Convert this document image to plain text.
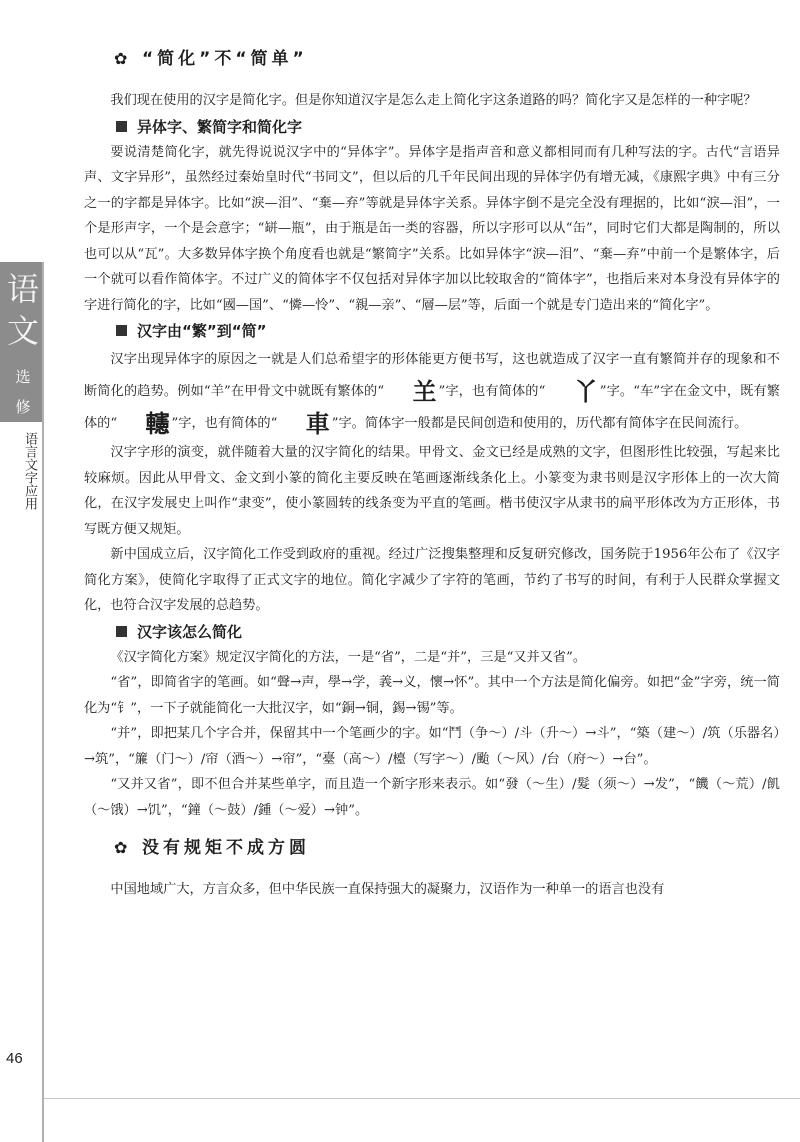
语
文
选
修
语言文字应用
46
✿ “简化”不“简单”

我们现在使用的汉字是简化字。但是你知道汉字是怎么走上简化字这条道路的吗？简化字又是怎样的一种字呢？

异体字、繁简字和简化字

要说清楚简化字，就先得说说汉字中的“异体字”。异体字是指声音和意义都相同而有几种写法的字。古代“言语异声、文字异形”，虽然经过秦始皇时代“书同文”，但以后的几千年民间出现的异体字仍有增无减，《康熙字典》中有三分之一的字都是异体字。比如“淚—泪”、“棄—弃”等就是异体字关系。异体字倒不是完全没有理据的，比如“淚—泪”，一个是形声字，一个是会意字；“缾—瓶”，由于瓶是缶一类的容器，所以字形可以从“缶”，同时它们大都是陶制的，所以也可以从“瓦”。大多数异体字换个角度看也就是“繁简字”关系。比如异体字“淚—泪”、“棄—弃”中前一个是繁体字，后一个就可以看作简体字。不过广义的简体字不仅包括对异体字加以比较取舍的“简体字”，也指后来对本身没有异体字的字进行简化的字，比如“國—国”、“憐—怜”、“親—亲”、“層—层”等，后面一个就是专门造出来的“简化字”。

汉字由“繁”到“简”

汉字出现异体字的原因之一就是人们总希望字的形体能更方便书写，这也就造成了汉字一直有繁简并存的现象和不断简化的趋势。例如“羊”在甲骨文中就既有繁体的“ 𦍌 ”字，也有简体的“ 丫 ”字。“车”字在金文中，既有繁体的“ 𨏥 ”字，也有简体的“ 車 ”字。简体字一般都是民间创造和使用的，历代都有简体字在民间流行。

汉字字形的演变，就伴随着大量的汉字简化的结果。甲骨文、金文已经是成熟的文字，但图形性比较强，写起来比较麻烦。因此从甲骨文、金文到小篆的简化主要反映在笔画逐渐线条化上。小篆变为隶书则是汉字形体上的一次大简化，在汉字发展史上叫作“隶变”，使小篆圆转的线条变为平直的笔画。楷书使汉字从隶书的扁平形体改为方正形体，书写既方便又规矩。

新中国成立后，汉字简化工作受到政府的重视。经过广泛搜集整理和反复研究修改，国务院于1956年公布了《汉字简化方案》，使简化字取得了正式文字的地位。简化字减少了字符的笔画，节约了书写的时间，有利于人民群众掌握文化，也符合汉字发展的总趋势。

汉字该怎么简化

《汉字简化方案》规定汉字简化的方法，一是“省”，二是“并”，三是“又并又省”。

“省”，即简省字的笔画。如“聲→声，學→学，義→义，懷→怀”。其中一个方法是简化偏旁。如把“金”字旁，统一简化为“钅”，一下子就能简化一大批汉字，如“銅→铜，錫→锡”等。

“并”，即把某几个字合并，保留其中一个笔画少的字。如“鬥（争～）/斗（升～）→斗”，“築（建～）/筑（乐器名）→筑”，“簾（门～）/帘（酒～）→帘”，“臺（高～）/檯（写字～）/颱（～风）/台（府～）→台”。

“又并又省”，即不但合并某些单字，而且造一个新字形来表示。如“發（～生）/髮（须～）→发”，“饑（～荒）/飢（～饿）→饥”，“鐘（～鼓）/鍾（～爱）→钟”。

✿ 没有规矩不成方圆

中国地域广大，方言众多，但中华民族一直保持强大的凝聚力，汉语作为一种单一的语言也没有
